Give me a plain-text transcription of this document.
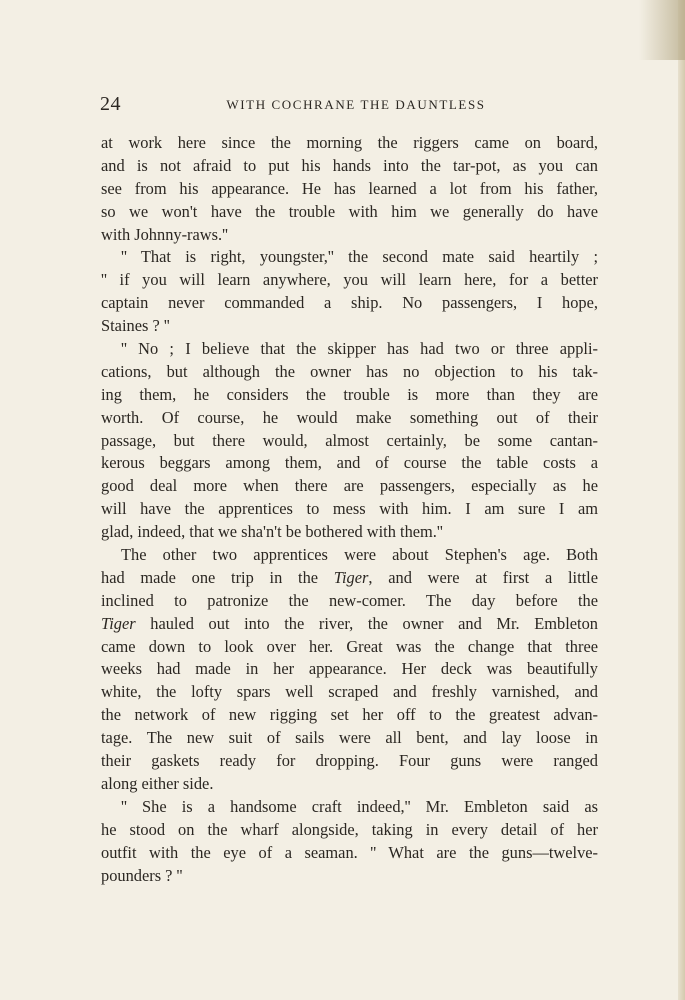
24	WITH COCHRANE THE DAUNTLESS
at work here since the morning the riggers came on board,
and is not afraid to put his hands into the tar-pot, as you can
see from his appearance. He has learned a lot from his father,
so we won't have the trouble with him we generally do have
with Johnny-raws.''
'' That is right, youngster,'' the second mate said heartily ;
'' if you will learn anywhere, you will learn here, for a better
captain never commanded a ship. No passengers, I hope,
Staines ? ''
'' No ; I believe that the skipper has had two or three appli-
cations, but although the owner has no objection to his tak-
ing them, he considers the trouble is more than they are
worth. Of course, he would make something out of their
passage, but there would, almost certainly, be some cantan-
kerous beggars among them, and of course the table costs a
good deal more when there are passengers, especially as he
will have the apprentices to mess with him. I am sure I am
glad, indeed, that we sha'n't be bothered with them.''
The other two apprentices were about Stephen's age. Both
had made one trip in the Tiger, and were at first a little
inclined to patronize the new-comer. The day before the
Tiger hauled out into the river, the owner and Mr. Embleton
came down to look over her. Great was the change that three
weeks had made in her appearance. Her deck was beautifully
white, the lofty spars well scraped and freshly varnished, and
the network of new rigging set her off to the greatest advan-
tage. The new suit of sails were all bent, and lay loose in
their gaskets ready for dropping. Four guns were ranged
along either side.
'' She is a handsome craft indeed,'' Mr. Embleton said as
he stood on the wharf alongside, taking in every detail of her
outfit with the eye of a seaman. '' What are the guns—twelve-
pounders ? ''
